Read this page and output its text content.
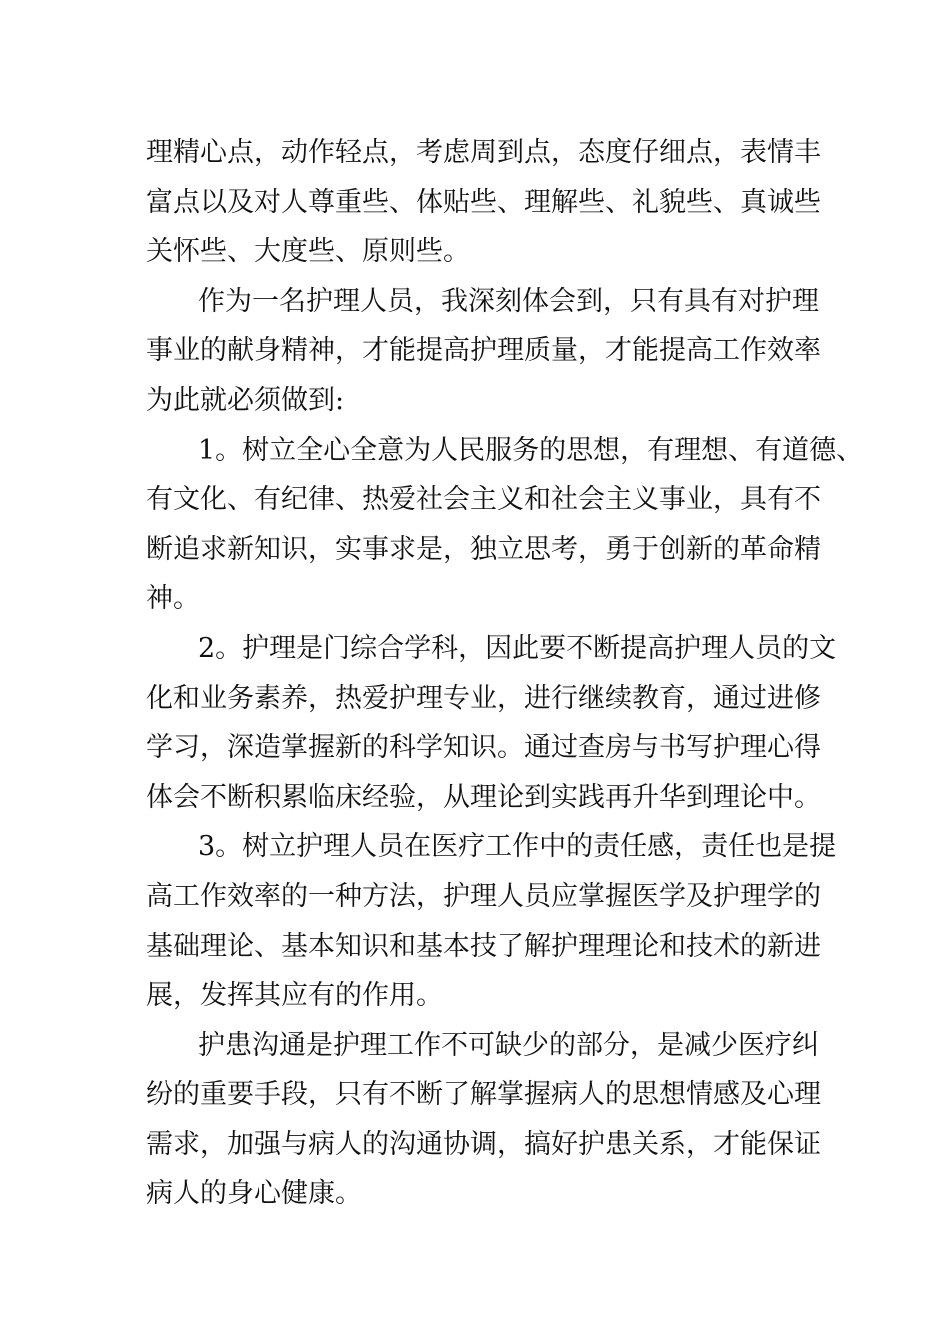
理精心点，动作轻点，考虑周到点，态度仔细点，表情丰
富点以及对人尊重些、体贴些、理解些、礼貌些、真诚些
关怀些、大度些、原则些。
作为一名护理人员，我深刻体会到，只有具有对护理
事业的献身精神，才能提高护理质量，才能提高工作效率
为此就必须做到:
1。树立全心全意为人民服务的思想，有理想、有道德、
有文化、有纪律、热爱社会主义和社会主义事业，具有不
断追求新知识，实事求是，独立思考，勇于创新的革命精
神。
2。护理是门综合学科，因此要不断提高护理人员的文
化和业务素养，热爱护理专业，进行继续教育，通过进修
学习，深造掌握新的科学知识。通过查房与书写护理心得
体会不断积累临床经验，从理论到实践再升华到理论中。
3。树立护理人员在医疗工作中的责任感，责任也是提
高工作效率的一种方法，护理人员应掌握医学及护理学的
基础理论、基本知识和基本技了解护理理论和技术的新进
展，发挥其应有的作用。
护患沟通是护理工作不可缺少的部分，是减少医疗纠
纷的重要手段，只有不断了解掌握病人的思想情感及心理
需求，加强与病人的沟通协调，搞好护患关系，才能保证
病人的身心健康。
